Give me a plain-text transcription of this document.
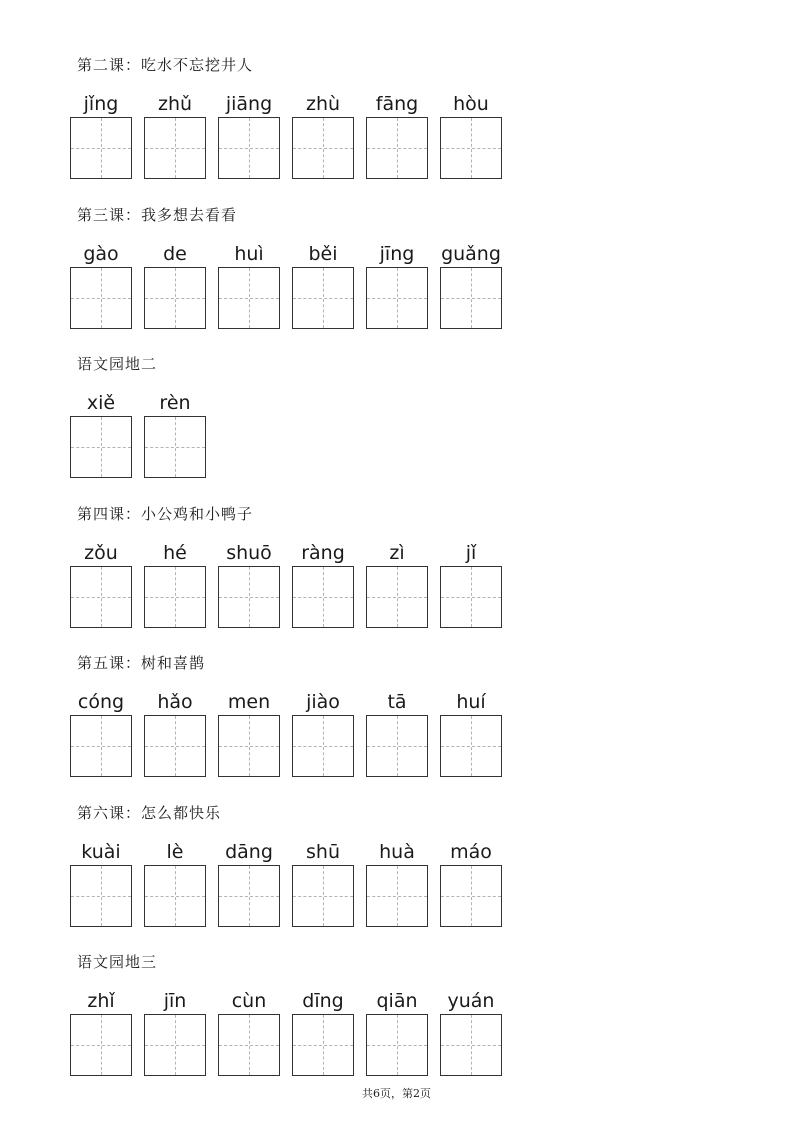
第二课：吃水不忘挖井人
jǐng	zhǔ	jiāng	zhù	fāng	hòu
第三课：我多想去看看
gào	de	huì	běi	jīng	guǎng
语文园地二
xiě	rèn
第四课：小公鸡和小鸭子
zǒu	hé	shuō	ràng	zì	jǐ
第五课：树和喜鹊
cóng	hǎo	men	jiào	tā	huí
第六课：怎么都快乐
kuài	lè	dāng	shū	huà	máo
语文园地三
zhǐ	jīn	cùn	dīng	qiān	yuán
共6页，第2页
